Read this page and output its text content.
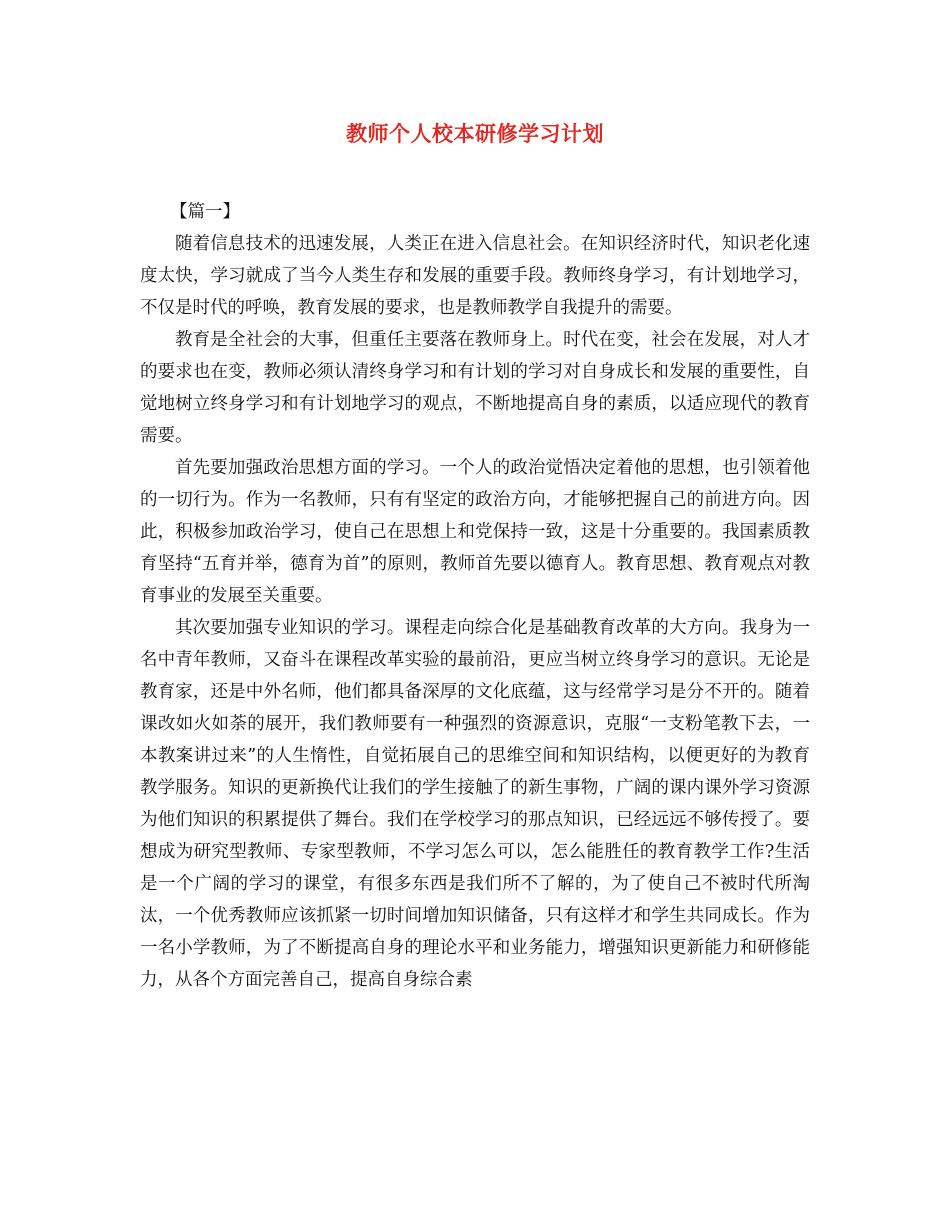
教师个人校本研修学习计划
【篇一】

随着信息技术的迅速发展，人类正在进入信息社会。在知识经济时代，知识老化速度太快，学习就成了当今人类生存和发展的重要手段。教师终身学习，有计划地学习，不仅是时代的呼唤，教育发展的要求，也是教师教学自我提升的需要。

教育是全社会的大事，但重任主要落在教师身上。时代在变，社会在发展，对人才的要求也在变，教师必须认清终身学习和有计划的学习对自身成长和发展的重要性，自觉地树立终身学习和有计划地学习的观点，不断地提高自身的素质，以适应现代的教育需要。

首先要加强政治思想方面的学习。一个人的政治觉悟决定着他的思想，也引领着他的一切行为。作为一名教师，只有有坚定的政治方向，才能够把握自己的前进方向。因此，积极参加政治学习，使自己在思想上和党保持一致，这是十分重要的。我国素质教育坚持“五育并举，德育为首”的原则，教师首先要以德育人。教育思想、教育观点对教育事业的发展至关重要。

其次要加强专业知识的学习。课程走向综合化是基础教育改革的大方向。我身为一名中青年教师，又奋斗在课程改革实验的最前沿，更应当树立终身学习的意识。无论是教育家，还是中外名师，他们都具备深厚的文化底蕴，这与经常学习是分不开的。随着课改如火如荼的展开，我们教师要有一种强烈的资源意识，克服“一支粉笔教下去，一本教案讲过来”的人生惰性，自觉拓展自己的思维空间和知识结构，以便更好的为教育教学服务。知识的更新换代让我们的学生接触了的新生事物，广阔的课内课外学习资源为他们知识的积累提供了舞台。我们在学校学习的那点知识，已经远远不够传授了。要想成为研究型教师、专家型教师，不学习怎么可以，怎么能胜任的教育教学工作?生活是一个广阔的学习的课堂，有很多东西是我们所不了解的，为了使自己不被时代所淘汰，一个优秀教师应该抓紧一切时间增加知识储备，只有这样才和学生共同成长。作为一名小学教师，为了不断提高自身的理论水平和业务能力，增强知识更新能力和研修能力，从各个方面完善自己，提高自身综合素
